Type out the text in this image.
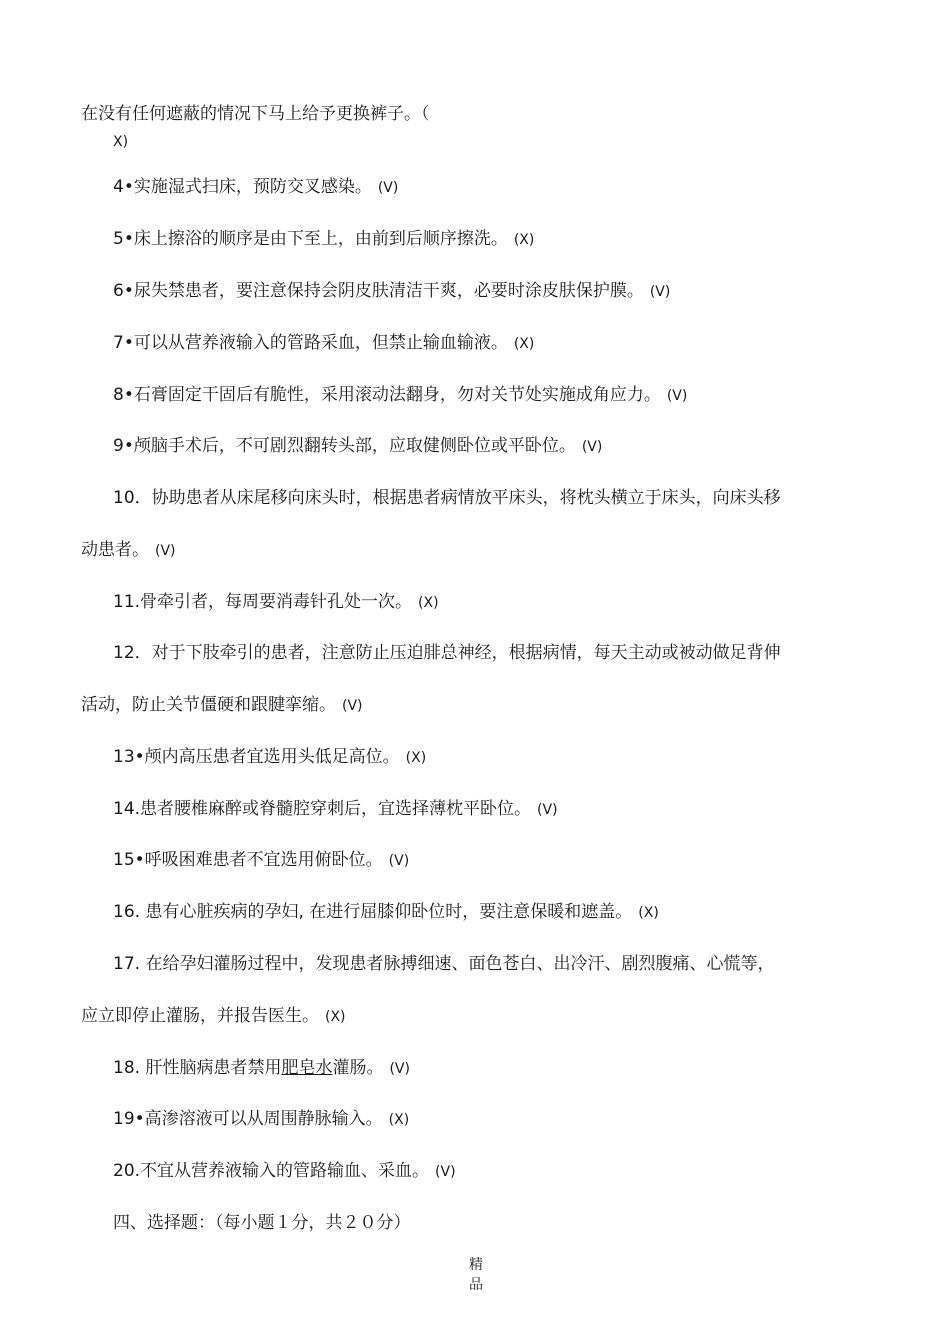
在没有任何遮蔽的情况下马上给予更换裤子。（
X)
4•实施湿式扫床，预防交叉感染。 (V)
5•床上擦浴的顺序是由下至上，由前到后顺序擦洗。 (X)
6•尿失禁患者，要注意保持会阴皮肤清洁干爽，必要时涂皮肤保护膜。 (V)
7•可以从营养液输入的管路采血，但禁止输血输液。 (X)
8•石膏固定干固后有脆性，采用滚动法翻身，勿对关节处实施成角应力。 (V)
9•颅脑手术后，不可剧烈翻转头部，应取健侧卧位或平卧位。 (V)
10．协助患者从床尾移向床头时，根据患者病情放平床头，将枕头横立于床头，向床头移
动患者。 (V)
11.骨牵引者，每周要消毒针孔处一次。 (X)
12．对于下肢牵引的患者，注意防止压迫腓总神经，根据病情，每天主动或被动做足背伸
活动，防止关节僵硬和跟腱挛缩。 (V)
13•颅内高压患者宜选用头低足高位。 (X)
14.患者腰椎麻醉或脊髓腔穿刺后，宜选择薄枕平卧位。 (V)
15•呼吸困难患者不宜选用俯卧位。 (V)
16. 患有心脏疾病的孕妇, 在进行屈膝仰卧位时，要注意保暖和遮盖。 (X)
17. 在给孕妇灌肠过程中，发现患者脉搏细速、面色苍白、出冷汗、剧烈腹痛、心慌等，
应立即停止灌肠，并报告医生。 (X)
18. 肝性脑病患者禁用肥皂水灌肠。 (V)
19•高渗溶液可以从周围静脉输入。 (X)
20.不宜从营养液输入的管路输血、采血。 (V)
四、选择题：（每小题１分，共２０分）
精
品
